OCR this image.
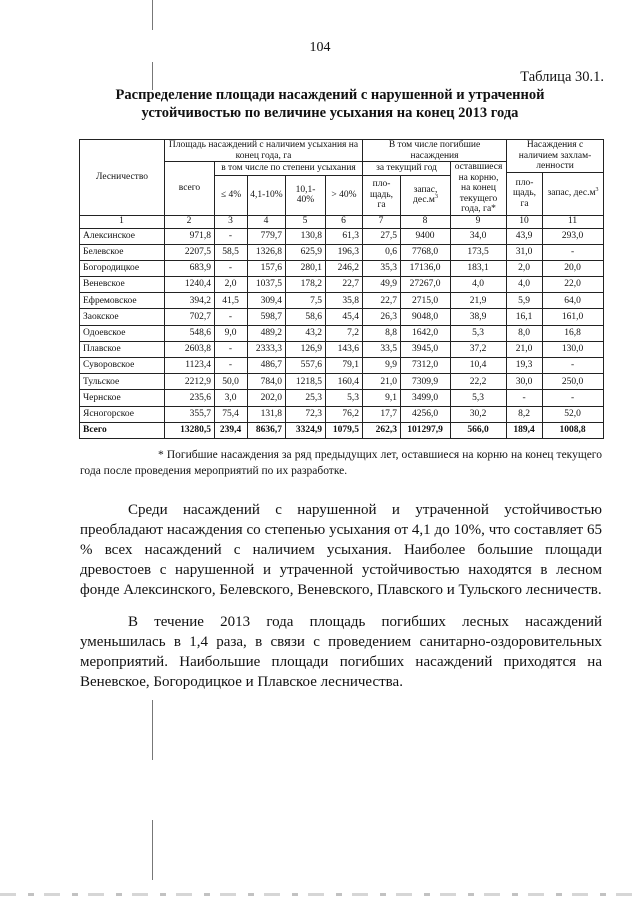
104
Таблица 30.1.
Распределение площади насаждений с нарушенной и утраченной
устойчивостью по величине усыхания на конец 2013 года
Лесничество	Площадь насаждений с наличием усыхания на конец года, га					В том числе погибшие насаждения			Насаждения с наличием захлам-ленности	
	всего	в том числе по степени усыхания				за текущий год		оставшиеся на корню, на конец текущего года, га*		
									пло-щадь, га	запас, $дес.м^3$
		≤ 4%	4,1-10%	10,1-40%	> 40%	пло-щадь, га	запас, $дес.м^3$
1	2	3	4	5	6	7	8	9	10	11
Алексинское	971,8	-	779,7	130,8	61,3	27,5	9400	34,0	43,9	293,0
Белевское	2207,5	58,5	1326,8	625,9	196,3	0,6	7768,0	173,5	31,0	-
Богородицкое	683,9	-	157,6	280,1	246,2	35,3	17136,0	183,1	2,0	20,0
Веневское	1240,4	2,0	1037,5	178,2	22,7	49,9	27267,0	4,0	4,0	22,0
Ефремовское	394,2	41,5	309,4	7,5	35,8	22,7	2715,0	21,9	5,9	64,0
Заокское	702,7	-	598,7	58,6	45,4	26,3	9048,0	38,9	16,1	161,0
Одоевское	548,6	9,0	489,2	43,2	7,2	8,8	1642,0	5,3	8,0	16,8
Плавское	2603,8	-	2333,3	126,9	143,6	33,5	3945,0	37,2	21,0	130,0
Суворовское	1123,4	-	486,7	557,6	79,1	9,9	7312,0	10,4	19,3	-
Тульское	2212,9	50,0	784,0	1218,5	160,4	21,0	7309,9	22,2	30,0	250,0
Чернское	235,6	3,0	202,0	25,3	5,3	9,1	3499,0	5,3	-	-
Ясногорское	355,7	75,4	131,8	72,3	76,2	17,7	4256,0	30,2	8,2	52,0
Всего	13280,5	239,4	8636,7	3324,9	1079,5	262,3	101297,9	566,0	189,4	1008,8
* Погибшие насаждения за ряд предыдущих лет, оставшиеся на корню на конец текущего года после проведения мероприятий по их разработке.

Среди насаждений с нарушенной и утраченной устойчивостью преобладают насаждения со степенью усыхания от 4,1 до 10%, что составляет 65 % всех насаждений с наличием усыхания. Наиболее большие площади древостоев с нарушенной и утраченной устойчивостью находятся в лесном фонде Алексинского, Белевского, Веневского, Плавского и Тульского лесничеств.

В течение 2013 года площадь погибших лесных насаждений уменьшилась в 1,4 раза, в связи с проведением санитарно-оздоровительных мероприятий. Наибольшие площади погибших насаждений приходятся на Веневское, Богородицкое и Плавское лесничества.
